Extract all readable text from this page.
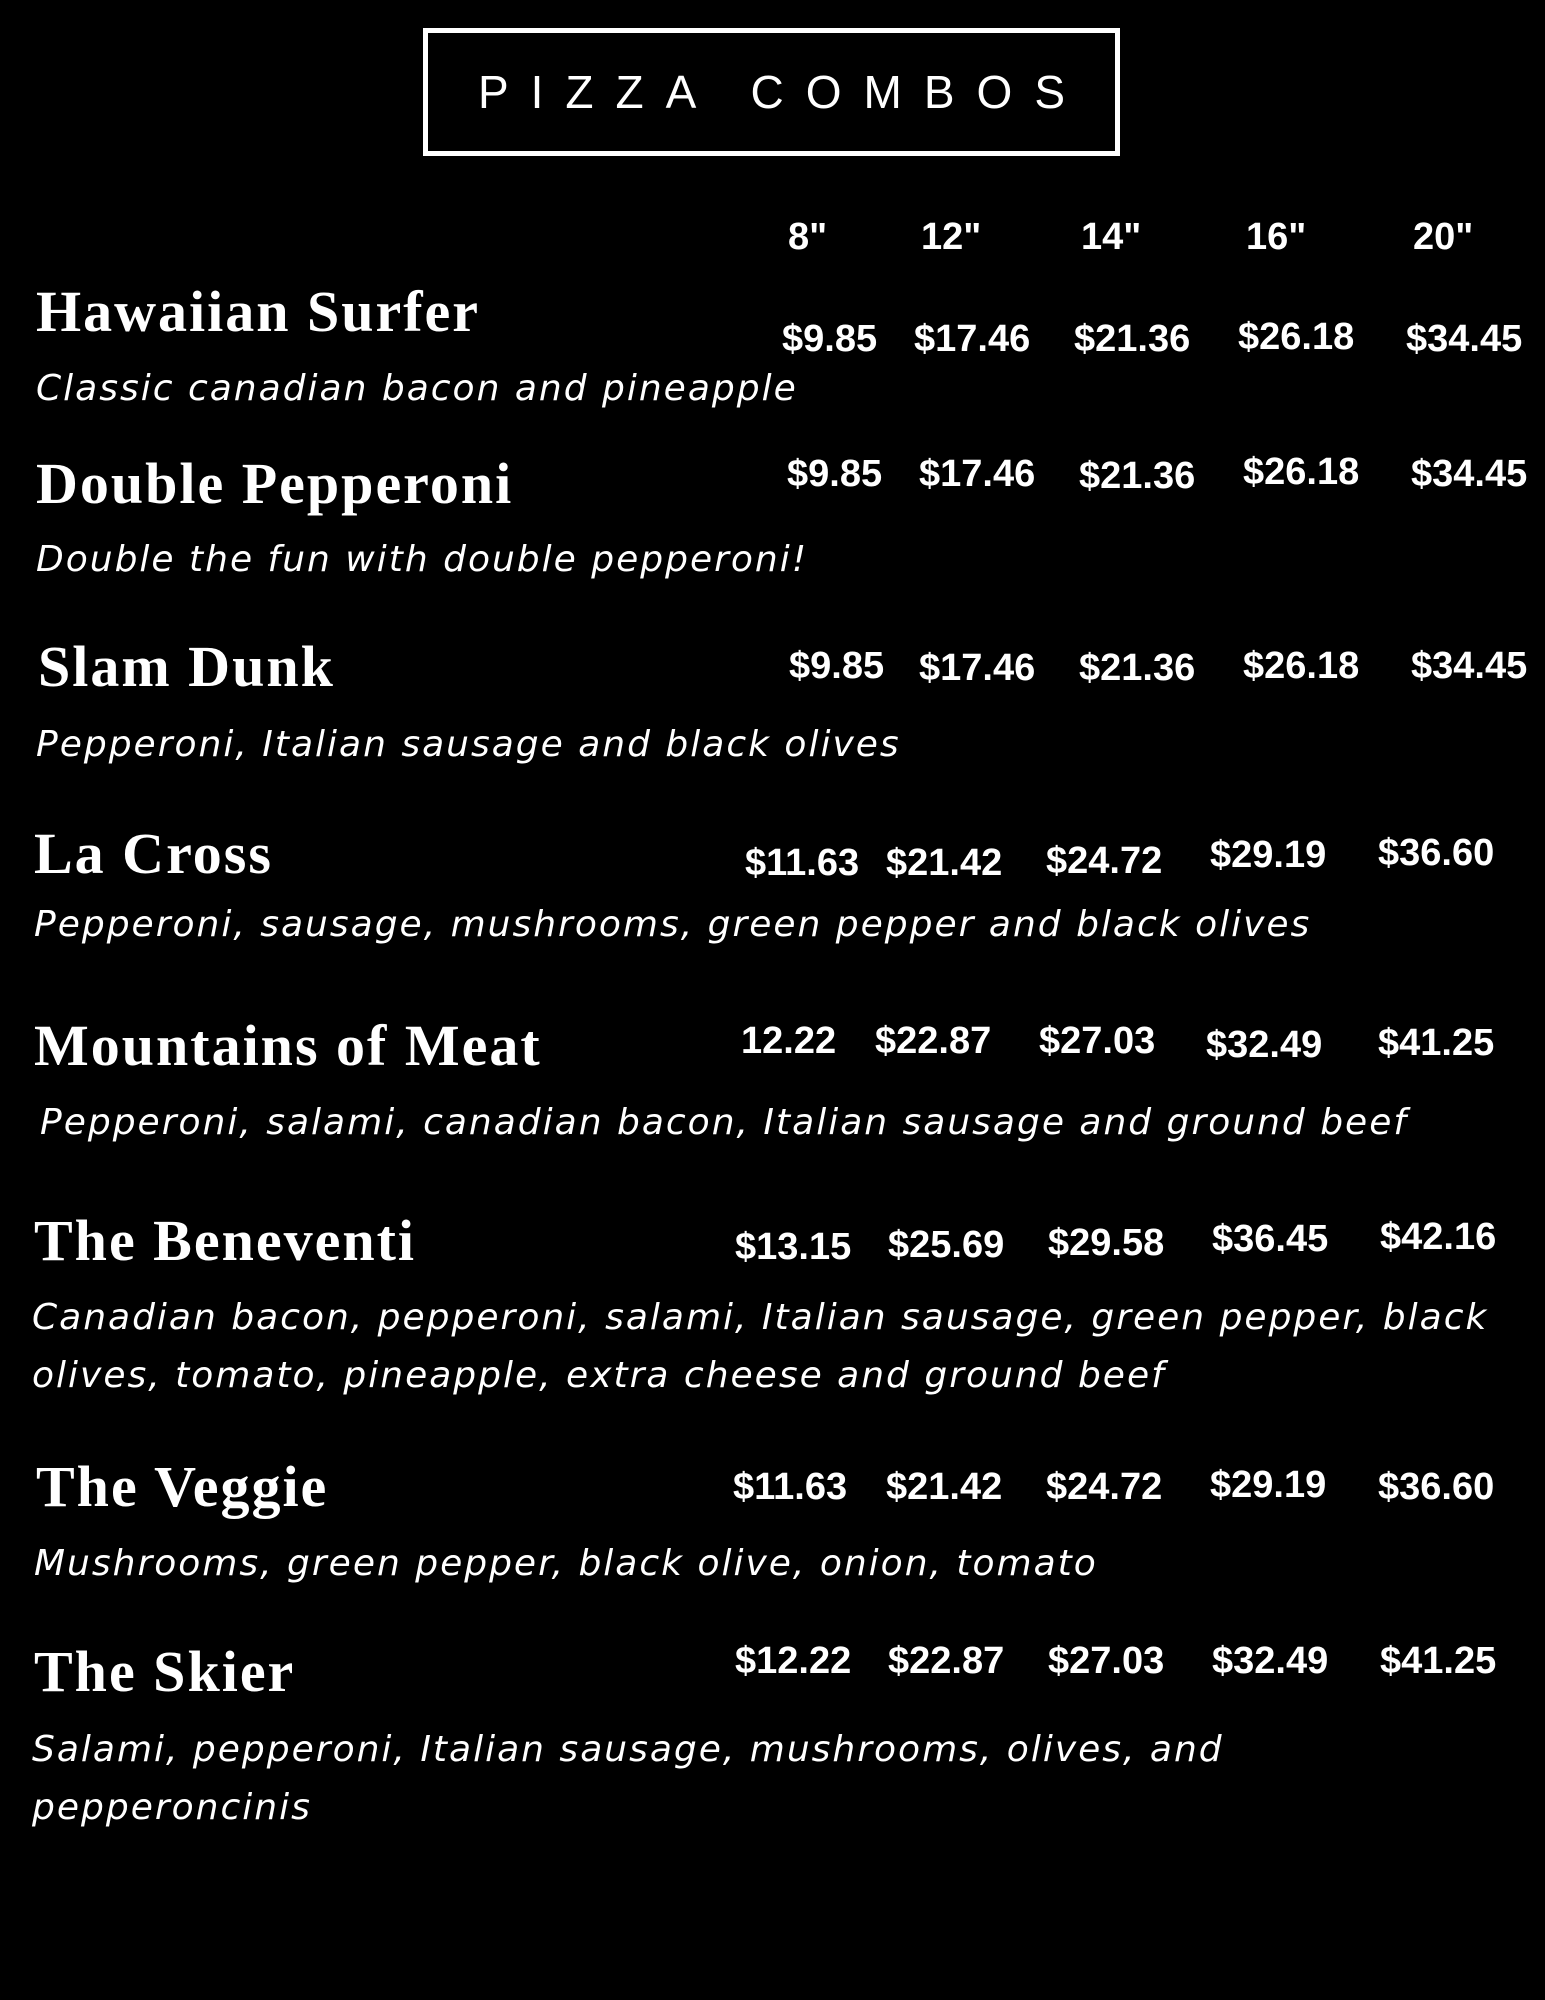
PIZZA COMBOS
8" 12"	14"	16"	20"
Hawaiian Surfer
Classic canadian bacon and pineapple
$9.85 $17.46 $21.36 $26.18 $34.45
Double Pepperoni
Double the fun with double pepperoni!
$9.85 $17.46 $21.36 $26.18 $34.45
Slam Dunk
Pepperoni, Italian sausage and black olives
$9.85 $17.46 $21.36 $26.18 $34.45
La Cross
Pepperoni, sausage, mushrooms, green pepper and black olives
$11.63 $21.42 $24.72 $29.19 $36.60
Mountains of Meat
Pepperoni, salami, canadian bacon, Italian sausage and ground beef
12.22 $22.87 $27.03 $32.49 $41.25
The Beneventi
Canadian bacon, pepperoni, salami, Italian sausage, green pepper, black olives, tomato, pineapple, extra cheese and ground beef
$13.15 $25.69 $29.58 $36.45 $42.16
The Veggie
Mushrooms, green pepper, black olive, onion, tomato
$11.63 $21.42 $24.72 $29.19 $36.60
The Skier
Salami, pepperoni, Italian sausage, mushrooms, olives, and pepperoncinis
$12.22 $22.87 $27.03 $32.49 $41.25
